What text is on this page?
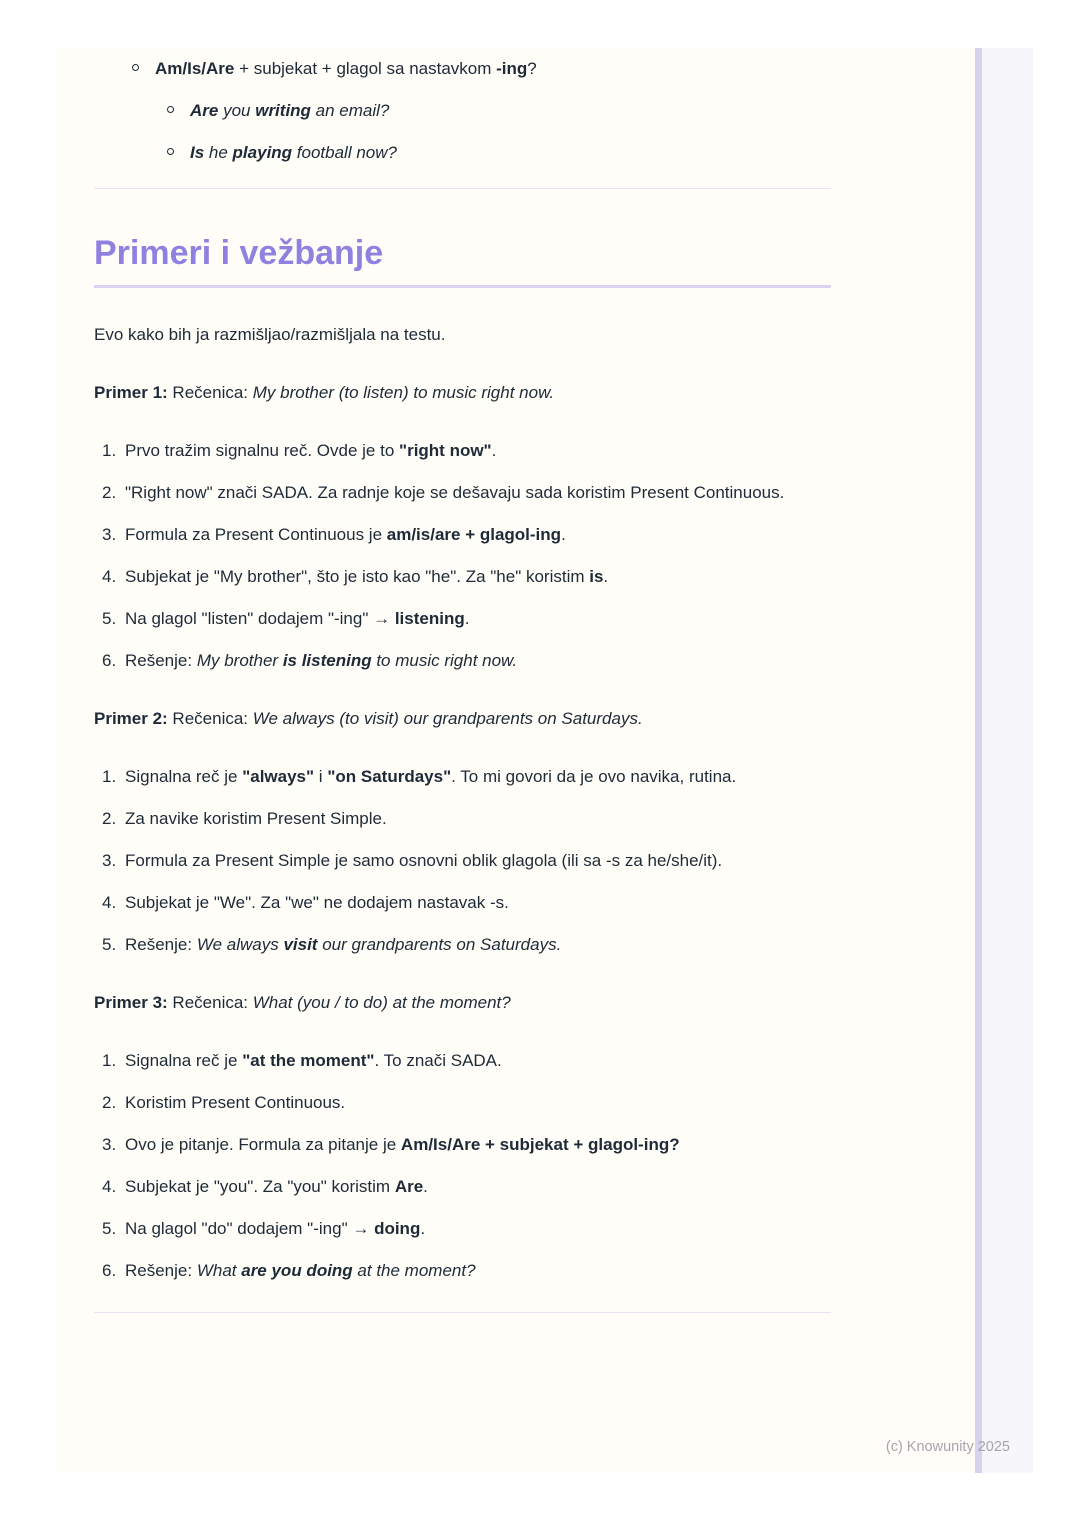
Am/Is/Are + subjekat + glagol sa nastavkom -ing?
Are you writing an email?
Is he playing football now?
Primeri i vežbanje

Evo kako bih ja razmišljao/razmišljala na testu.

Primer 1: Rečenica: My brother (to listen) to music right now.

1. Prvo tražim signalnu reč. Ovde je to "right now".
2. "Right now" znači SADA. Za radnje koje se dešavaju sada koristim Present Continuous.
3. Formula za Present Continuous je am/is/are + glagol-ing.
4. Subjekat je "My brother", što je isto kao "he". Za "he" koristim is.
5. Na glagol "listen" dodajem "-ing" → listening.
6. Rešenje: My brother is listening to music right now.

Primer 2: Rečenica: We always (to visit) our grandparents on Saturdays.

1. Signalna reč je "always" i "on Saturdays". To mi govori da je ovo navika, rutina.
2. Za navike koristim Present Simple.
3. Formula za Present Simple je samo osnovni oblik glagola (ili sa -s za he/she/it).
4. Subjekat je "We". Za "we" ne dodajem nastavak -s.
5. Rešenje: We always visit our grandparents on Saturdays.

Primer 3: Rečenica: What (you / to do) at the moment?

1. Signalna reč je "at the moment". To znači SADA.
2. Koristim Present Continuous.
3. Ovo je pitanje. Formula za pitanje je Am/Is/Are + subjekat + glagol-ing?
4. Subjekat je "you". Za "you" koristim Are.
5. Na glagol "do" dodajem "-ing" → doing.
6. Rešenje: What are you doing at the moment?
(c) Knowunity 2025
